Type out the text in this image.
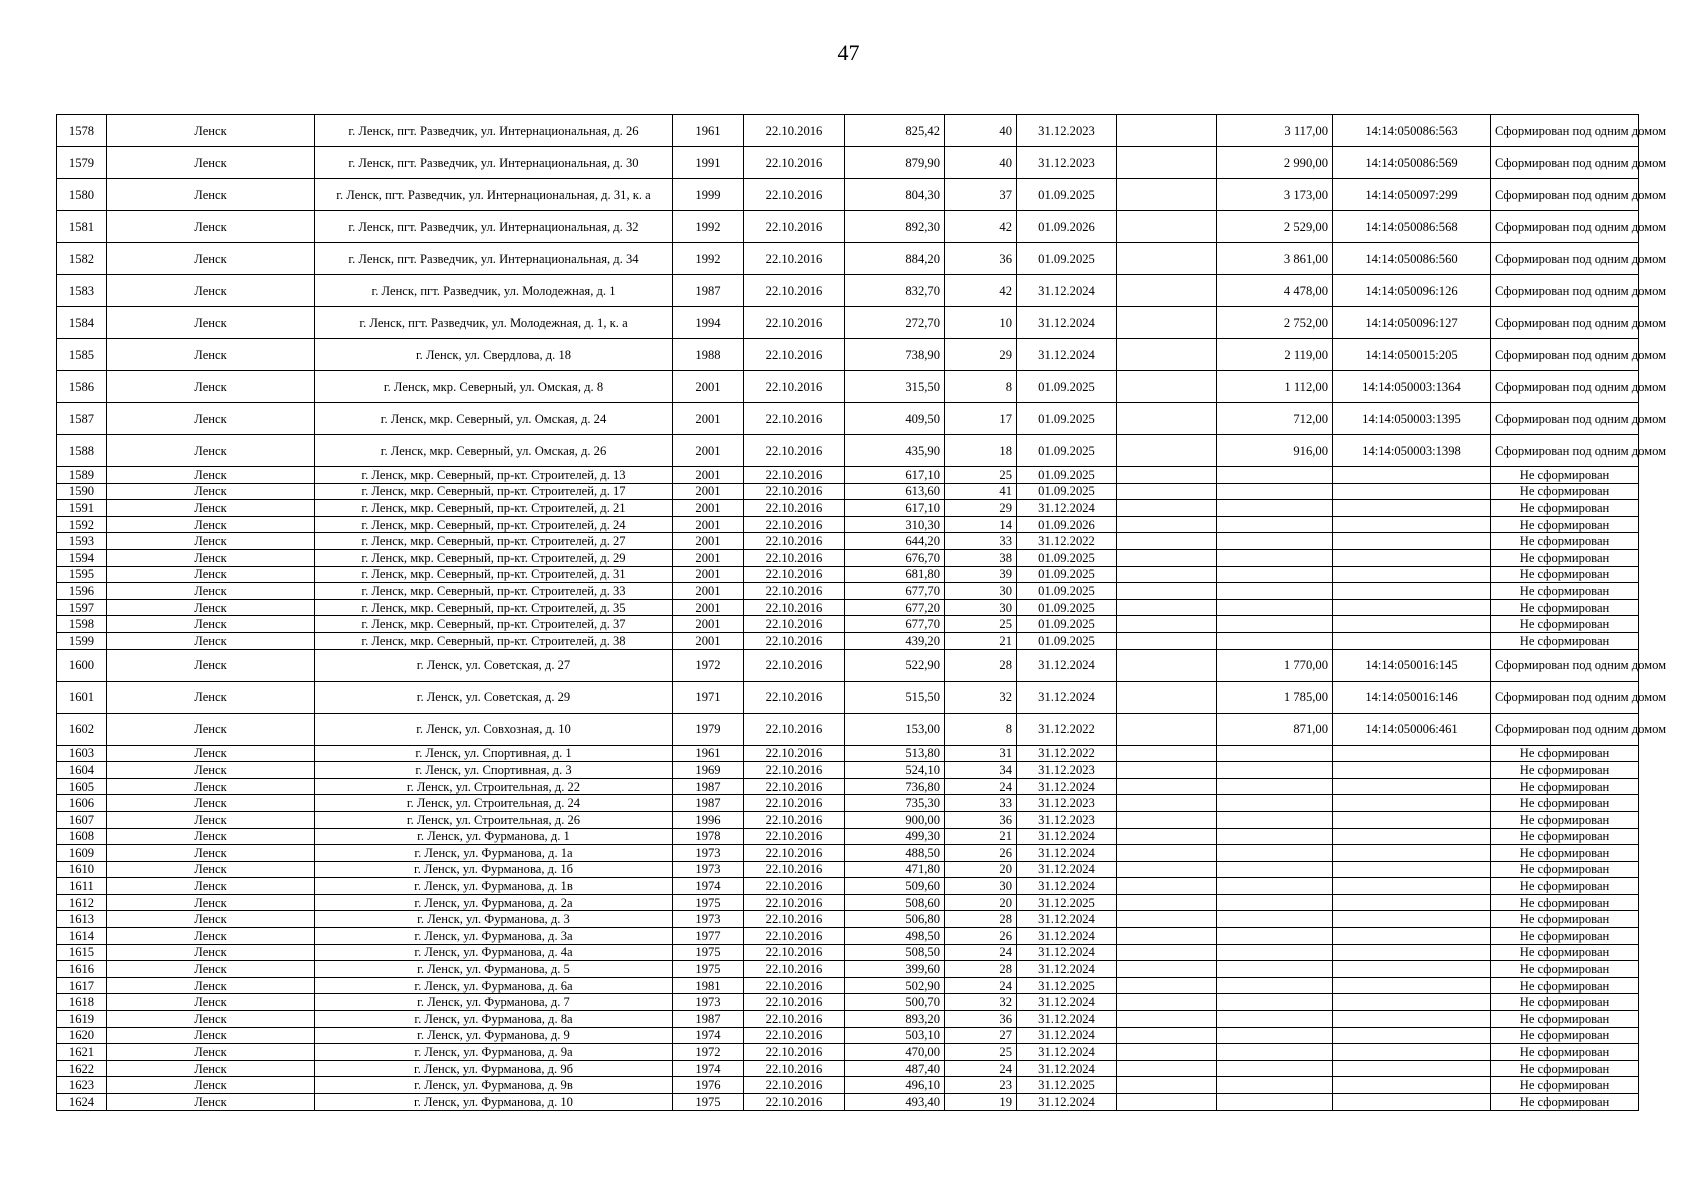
47
1578	Ленск	г. Ленск, пгт. Разведчик, ул. Интернациональная, д. 26	1961	22.10.2016	825,42	40	31.12.2023		3 117,00	14:14:050086:563	Сформирован под одним домом
1579	Ленск	г. Ленск, пгт. Разведчик, ул. Интернациональная, д. 30	1991	22.10.2016	879,90	40	31.12.2023		2 990,00	14:14:050086:569	Сформирован под одним домом
1580	Ленск	г. Ленск, пгт. Разведчик, ул. Интернациональная, д. 31, к. а	1999	22.10.2016	804,30	37	01.09.2025		3 173,00	14:14:050097:299	Сформирован под одним домом
1581	Ленск	г. Ленск, пгт. Разведчик, ул. Интернациональная, д. 32	1992	22.10.2016	892,30	42	01.09.2026		2 529,00	14:14:050086:568	Сформирован под одним домом
1582	Ленск	г. Ленск, пгт. Разведчик, ул. Интернациональная, д. 34	1992	22.10.2016	884,20	36	01.09.2025		3 861,00	14:14:050086:560	Сформирован под одним домом
1583	Ленск	г. Ленск, пгт. Разведчик, ул. Молодежная, д. 1	1987	22.10.2016	832,70	42	31.12.2024		4 478,00	14:14:050096:126	Сформирован под одним домом
1584	Ленск	г. Ленск, пгт. Разведчик, ул. Молодежная, д. 1, к. а	1994	22.10.2016	272,70	10	31.12.2024		2 752,00	14:14:050096:127	Сформирован под одним домом
1585	Ленск	г. Ленск, ул. Свердлова, д. 18	1988	22.10.2016	738,90	29	31.12.2024		2 119,00	14:14:050015:205	Сформирован под одним домом
1586	Ленск	г. Ленск, мкр. Северный, ул. Омская, д. 8	2001	22.10.2016	315,50	8	01.09.2025		1 112,00	14:14:050003:1364	Сформирован под одним домом
1587	Ленск	г. Ленск, мкр. Северный, ул. Омская, д. 24	2001	22.10.2016	409,50	17	01.09.2025		712,00	14:14:050003:1395	Сформирован под одним домом
1588	Ленск	г. Ленск, мкр. Северный, ул. Омская, д. 26	2001	22.10.2016	435,90	18	01.09.2025		916,00	14:14:050003:1398	Сформирован под одним домом
1589	Ленск	г. Ленск, мкр. Северный, пр-кт. Строителей, д. 13	2001	22.10.2016	617,10	25	01.09.2025				Не сформирован
1590	Ленск	г. Ленск, мкр. Северный, пр-кт. Строителей, д. 17	2001	22.10.2016	613,60	41	01.09.2025				Не сформирован
1591	Ленск	г. Ленск, мкр. Северный, пр-кт. Строителей, д. 21	2001	22.10.2016	617,10	29	31.12.2024				Не сформирован
1592	Ленск	г. Ленск, мкр. Северный, пр-кт. Строителей, д. 24	2001	22.10.2016	310,30	14	01.09.2026				Не сформирован
1593	Ленск	г. Ленск, мкр. Северный, пр-кт. Строителей, д. 27	2001	22.10.2016	644,20	33	31.12.2022				Не сформирован
1594	Ленск	г. Ленск, мкр. Северный, пр-кт. Строителей, д. 29	2001	22.10.2016	676,70	38	01.09.2025				Не сформирован
1595	Ленск	г. Ленск, мкр. Северный, пр-кт. Строителей, д. 31	2001	22.10.2016	681,80	39	01.09.2025				Не сформирован
1596	Ленск	г. Ленск, мкр. Северный, пр-кт. Строителей, д. 33	2001	22.10.2016	677,70	30	01.09.2025				Не сформирован
1597	Ленск	г. Ленск, мкр. Северный, пр-кт. Строителей, д. 35	2001	22.10.2016	677,20	30	01.09.2025				Не сформирован
1598	Ленск	г. Ленск, мкр. Северный, пр-кт. Строителей, д. 37	2001	22.10.2016	677,70	25	01.09.2025				Не сформирован
1599	Ленск	г. Ленск, мкр. Северный, пр-кт. Строителей, д. 38	2001	22.10.2016	439,20	21	01.09.2025				Не сформирован
1600	Ленск	г. Ленск, ул. Советская, д. 27	1972	22.10.2016	522,90	28	31.12.2024		1 770,00	14:14:050016:145	Сформирован под одним домом
1601	Ленск	г. Ленск, ул. Советская, д. 29	1971	22.10.2016	515,50	32	31.12.2024		1 785,00	14:14:050016:146	Сформирован под одним домом
1602	Ленск	г. Ленск, ул. Совхозная, д. 10	1979	22.10.2016	153,00	8	31.12.2022		871,00	14:14:050006:461	Сформирован под одним домом
1603	Ленск	г. Ленск, ул. Спортивная, д. 1	1961	22.10.2016	513,80	31	31.12.2022				Не сформирован
1604	Ленск	г. Ленск, ул. Спортивная, д. 3	1969	22.10.2016	524,10	34	31.12.2023				Не сформирован
1605	Ленск	г. Ленск, ул. Строительная, д. 22	1987	22.10.2016	736,80	24	31.12.2024				Не сформирован
1606	Ленск	г. Ленск, ул. Строительная, д. 24	1987	22.10.2016	735,30	33	31.12.2023				Не сформирован
1607	Ленск	г. Ленск, ул. Строительная, д. 26	1996	22.10.2016	900,00	36	31.12.2023				Не сформирован
1608	Ленск	г. Ленск, ул. Фурманова, д. 1	1978	22.10.2016	499,30	21	31.12.2024				Не сформирован
1609	Ленск	г. Ленск, ул. Фурманова, д. 1а	1973	22.10.2016	488,50	26	31.12.2024				Не сформирован
1610	Ленск	г. Ленск, ул. Фурманова, д. 1б	1973	22.10.2016	471,80	20	31.12.2024				Не сформирован
1611	Ленск	г. Ленск, ул. Фурманова, д. 1в	1974	22.10.2016	509,60	30	31.12.2024				Не сформирован
1612	Ленск	г. Ленск, ул. Фурманова, д. 2а	1975	22.10.2016	508,60	20	31.12.2025				Не сформирован
1613	Ленск	г. Ленск, ул. Фурманова, д. 3	1973	22.10.2016	506,80	28	31.12.2024				Не сформирован
1614	Ленск	г. Ленск, ул. Фурманова, д. 3а	1977	22.10.2016	498,50	26	31.12.2024				Не сформирован
1615	Ленск	г. Ленск, ул. Фурманова, д. 4а	1975	22.10.2016	508,50	24	31.12.2024				Не сформирован
1616	Ленск	г. Ленск, ул. Фурманова, д. 5	1975	22.10.2016	399,60	28	31.12.2024				Не сформирован
1617	Ленск	г. Ленск, ул. Фурманова, д. 6а	1981	22.10.2016	502,90	24	31.12.2025				Не сформирован
1618	Ленск	г. Ленск, ул. Фурманова, д. 7	1973	22.10.2016	500,70	32	31.12.2024				Не сформирован
1619	Ленск	г. Ленск, ул. Фурманова, д. 8а	1987	22.10.2016	893,20	36	31.12.2024				Не сформирован
1620	Ленск	г. Ленск, ул. Фурманова, д. 9	1974	22.10.2016	503,10	27	31.12.2024				Не сформирован
1621	Ленск	г. Ленск, ул. Фурманова, д. 9а	1972	22.10.2016	470,00	25	31.12.2024				Не сформирован
1622	Ленск	г. Ленск, ул. Фурманова, д. 9б	1974	22.10.2016	487,40	24	31.12.2024				Не сформирован
1623	Ленск	г. Ленск, ул. Фурманова, д. 9в	1976	22.10.2016	496,10	23	31.12.2025				Не сформирован
1624	Ленск	г. Ленск, ул. Фурманова, д. 10	1975	22.10.2016	493,40	19	31.12.2024				Не сформирован
